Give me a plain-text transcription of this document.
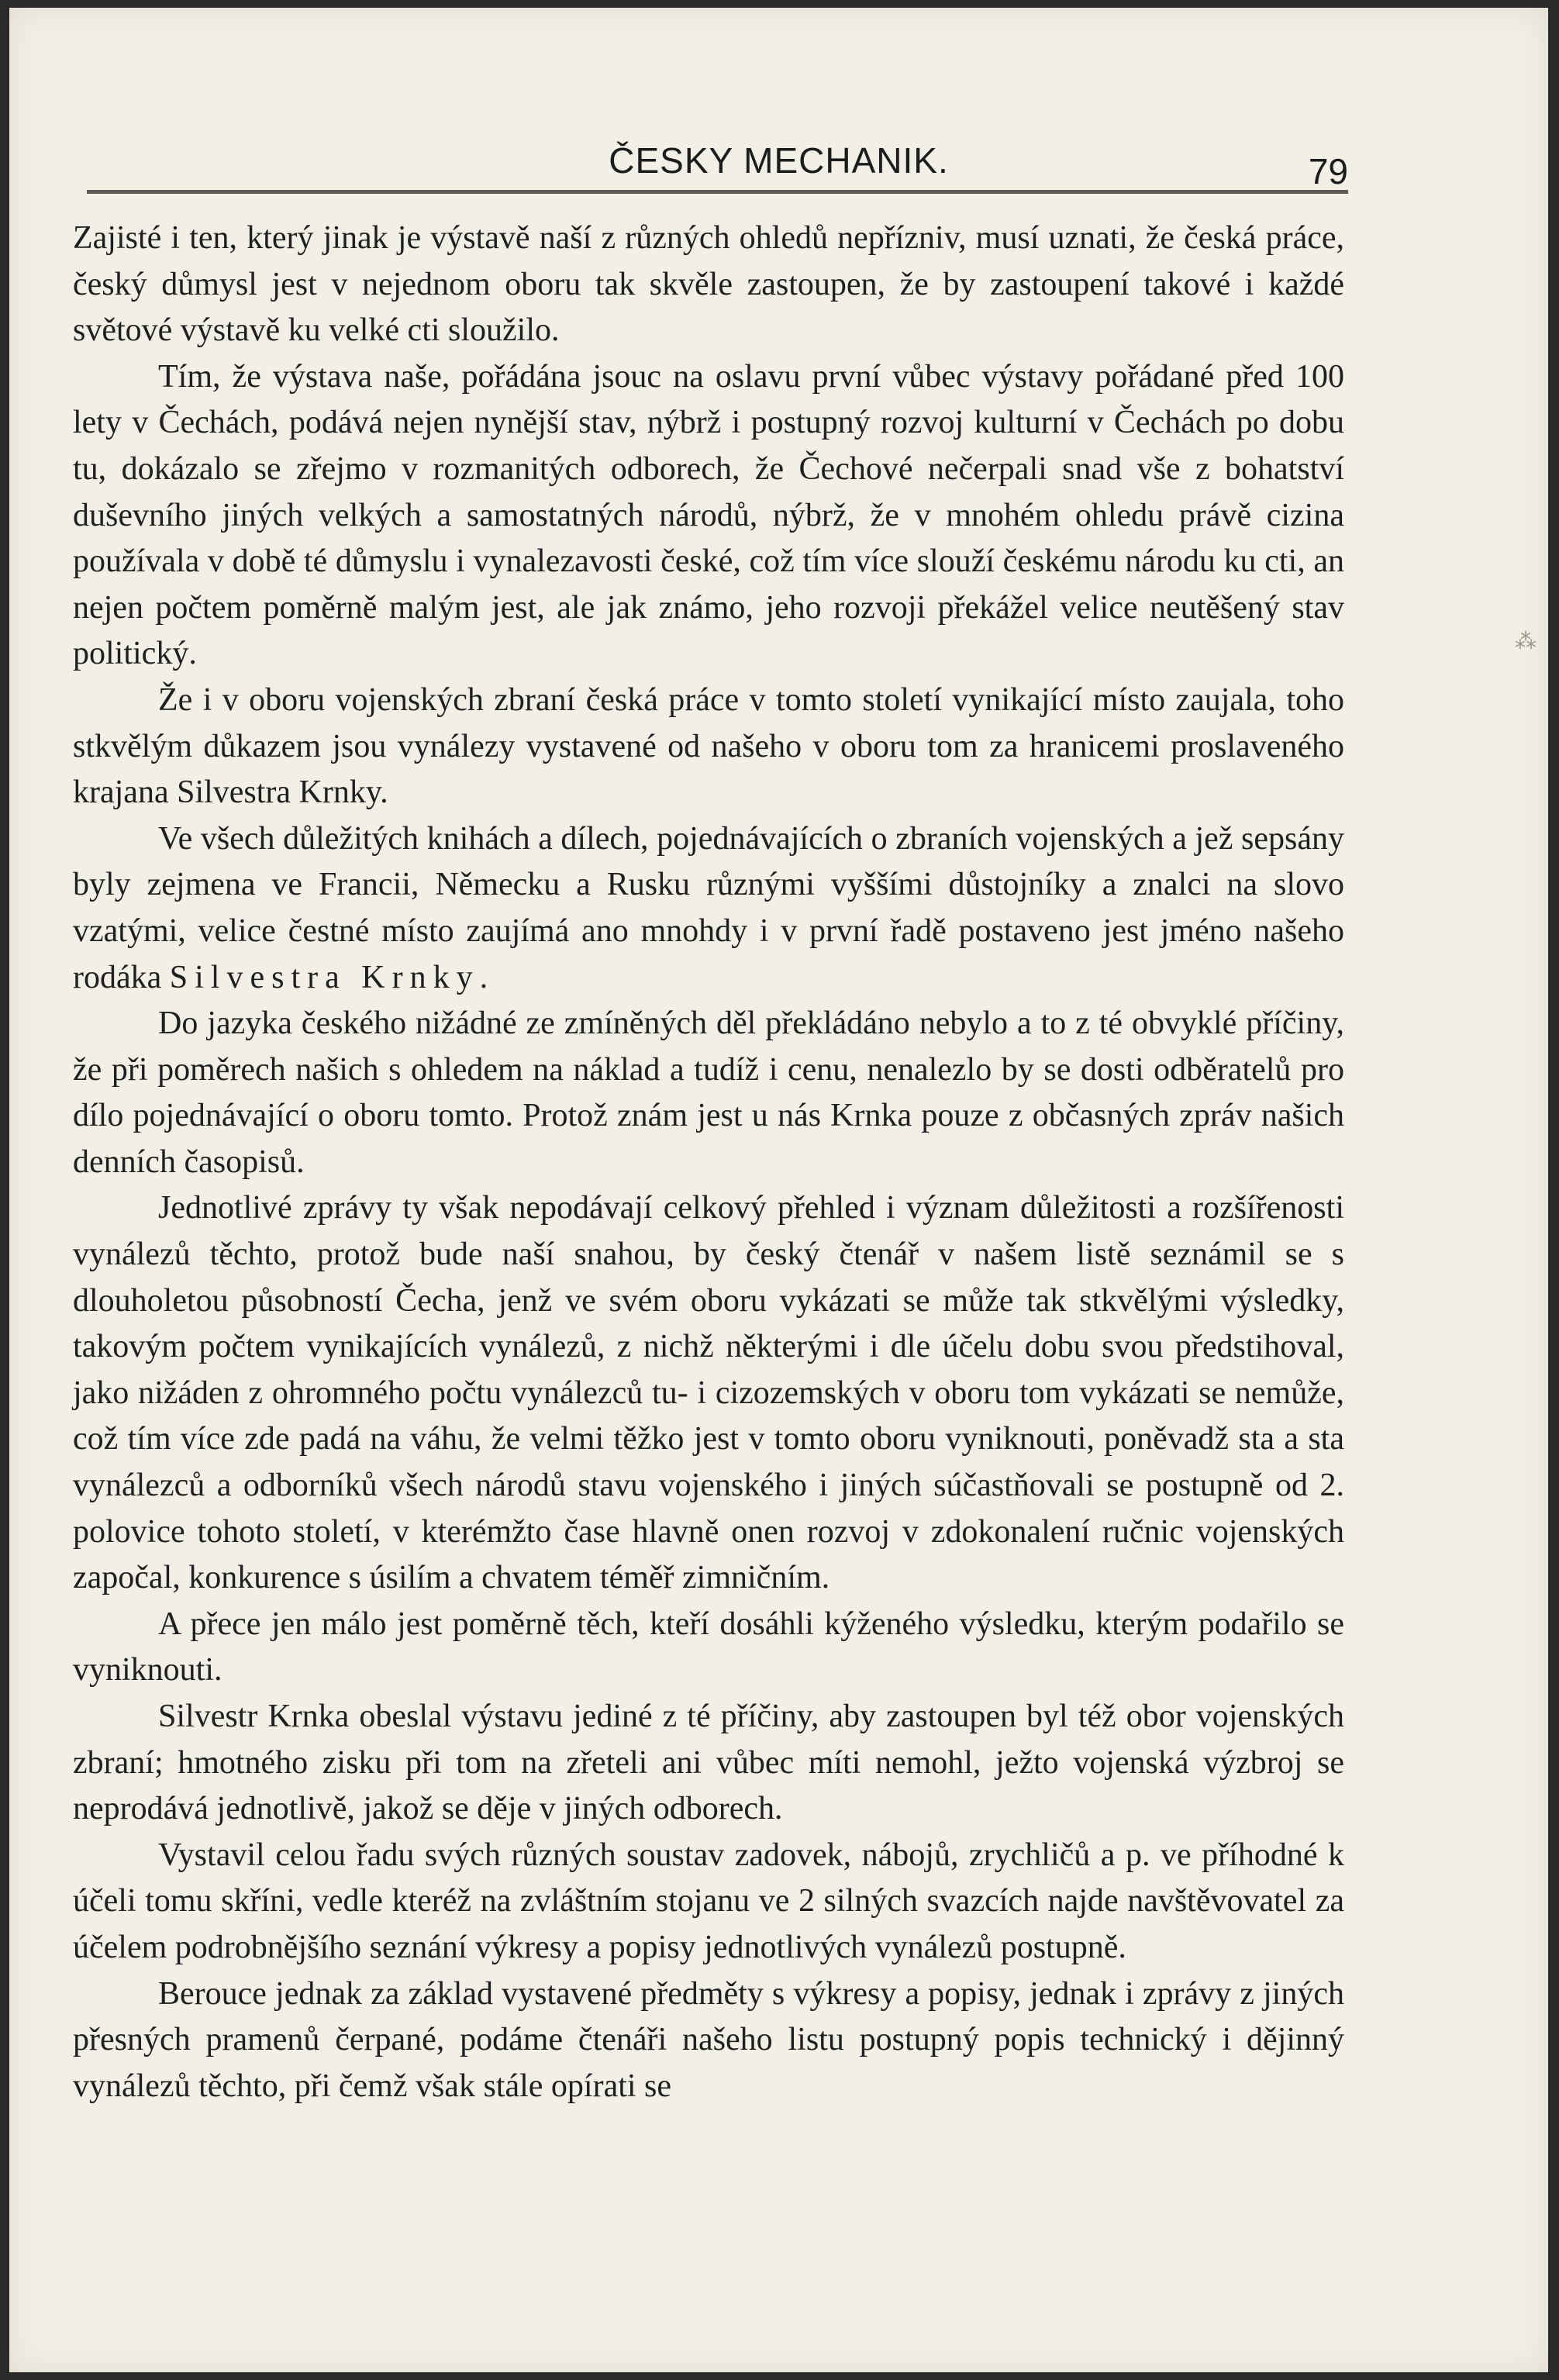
ČESKY MECHANIK.	79

Zajisté i ten, který jinak je výstavě naší z různých ohledů nepřízniv, musí uznati, že česká práce, český důmysl jest v nejednom oboru tak skvěle zastoupen, že by zastoupení takové i každé světové výstavě ku velké cti sloužilo.

Tím, že výstava naše, pořádána jsouc na oslavu první vůbec výstavy pořádané před 100 lety v Čechách, podává nejen nynější stav, nýbrž i postupný rozvoj kulturní v Čechách po dobu tu, dokázalo se zřejmo v rozmanitých odborech, že Čechové nečerpali snad vše z bohatství duševního jiných velkých a samostatných národů, nýbrž, že v mnohém ohledu právě cizina používala v době té důmyslu i vynalezavosti české, což tím více slouží českému národu ku cti, an nejen počtem poměrně malým jest, ale jak známo, jeho rozvoji překážel velice neutěšený stav politický.

Že i v oboru vojenských zbraní česká práce v tomto století vynikající místo zaujala, toho stkvělým důkazem jsou vynálezy vystavené od našeho v oboru tom za hranicemi proslaveného krajana Silvestra Krnky.

Ve všech důležitých knihách a dílech, pojednávajících o zbraních vojenských a jež sepsány byly zejmena ve Francii, Německu a Rusku různými vyššími důstojníky a znalci na slovo vzatými, velice čestné místo zaujímá ano mnohdy i v první řadě postaveno jest jméno našeho rodáka Silvestra Krnky.

Do jazyka českého nižádné ze zmíněných děl překládáno nebylo a to z té obvyklé příčiny, že při poměrech našich s ohledem na náklad a tudíž i cenu, nenalezlo by se dosti odběratelů pro dílo pojednávající o oboru tomto. Protož znám jest u nás Krnka pouze z občasných zpráv našich denních časopisů.

Jednotlivé zprávy ty však nepodávají celkový přehled i význam důležitosti a rozšířenosti vynálezů těchto, protož bude naší snahou, by český čtenář v našem listě seznámil se s dlouholetou působností Čecha, jenž ve svém oboru vykázati se může tak stkvělými výsledky, takovým počtem vynikajících vynálezů, z nichž některými i dle účelu dobu svou předstihoval, jako nižáden z ohromného počtu vynálezců tu- i cizozemských v oboru tom vykázati se nemůže, což tím více zde padá na váhu, že velmi těžko jest v tomto oboru vyniknouti, poněvadž sta a sta vynálezců a odborníků všech národů stavu vojenského i jiných súčastňovali se postupně od 2. polovice tohoto století, v kterémžto čase hlavně onen rozvoj v zdokonalení ručnic vojenských započal, konkurence s úsilím a chvatem téměř zimničním.

A přece jen málo jest poměrně těch, kteří dosáhli kýženého výsledku, kterým podařilo se vyniknouti.

Silvestr Krnka obeslal výstavu jediné z té příčiny, aby zastoupen byl též obor vojenských zbraní; hmotného zisku při tom na zřeteli ani vůbec míti nemohl, ježto vojenská výzbroj se neprodává jednotlivě, jakož se děje v jiných odborech.

Vystavil celou řadu svých různých soustav zadovek, nábojů, zrychličů a p. ve příhodné k účeli tomu skříni, vedle kteréž na zvláštním stojanu ve 2 silných svazcích najde navštěvovatel za účelem podrobnějšího seznání výkresy a popisy jednotlivých vynálezů postupně.

Berouce jednak za základ vystavené předměty s výkresy a popisy, jednak i zprávy z jiných přesných pramenů čerpané, podáme čtenáři našeho listu postupný popis technický i dějinný vynálezů těchto, při čemž však stále opírati se

⁂
